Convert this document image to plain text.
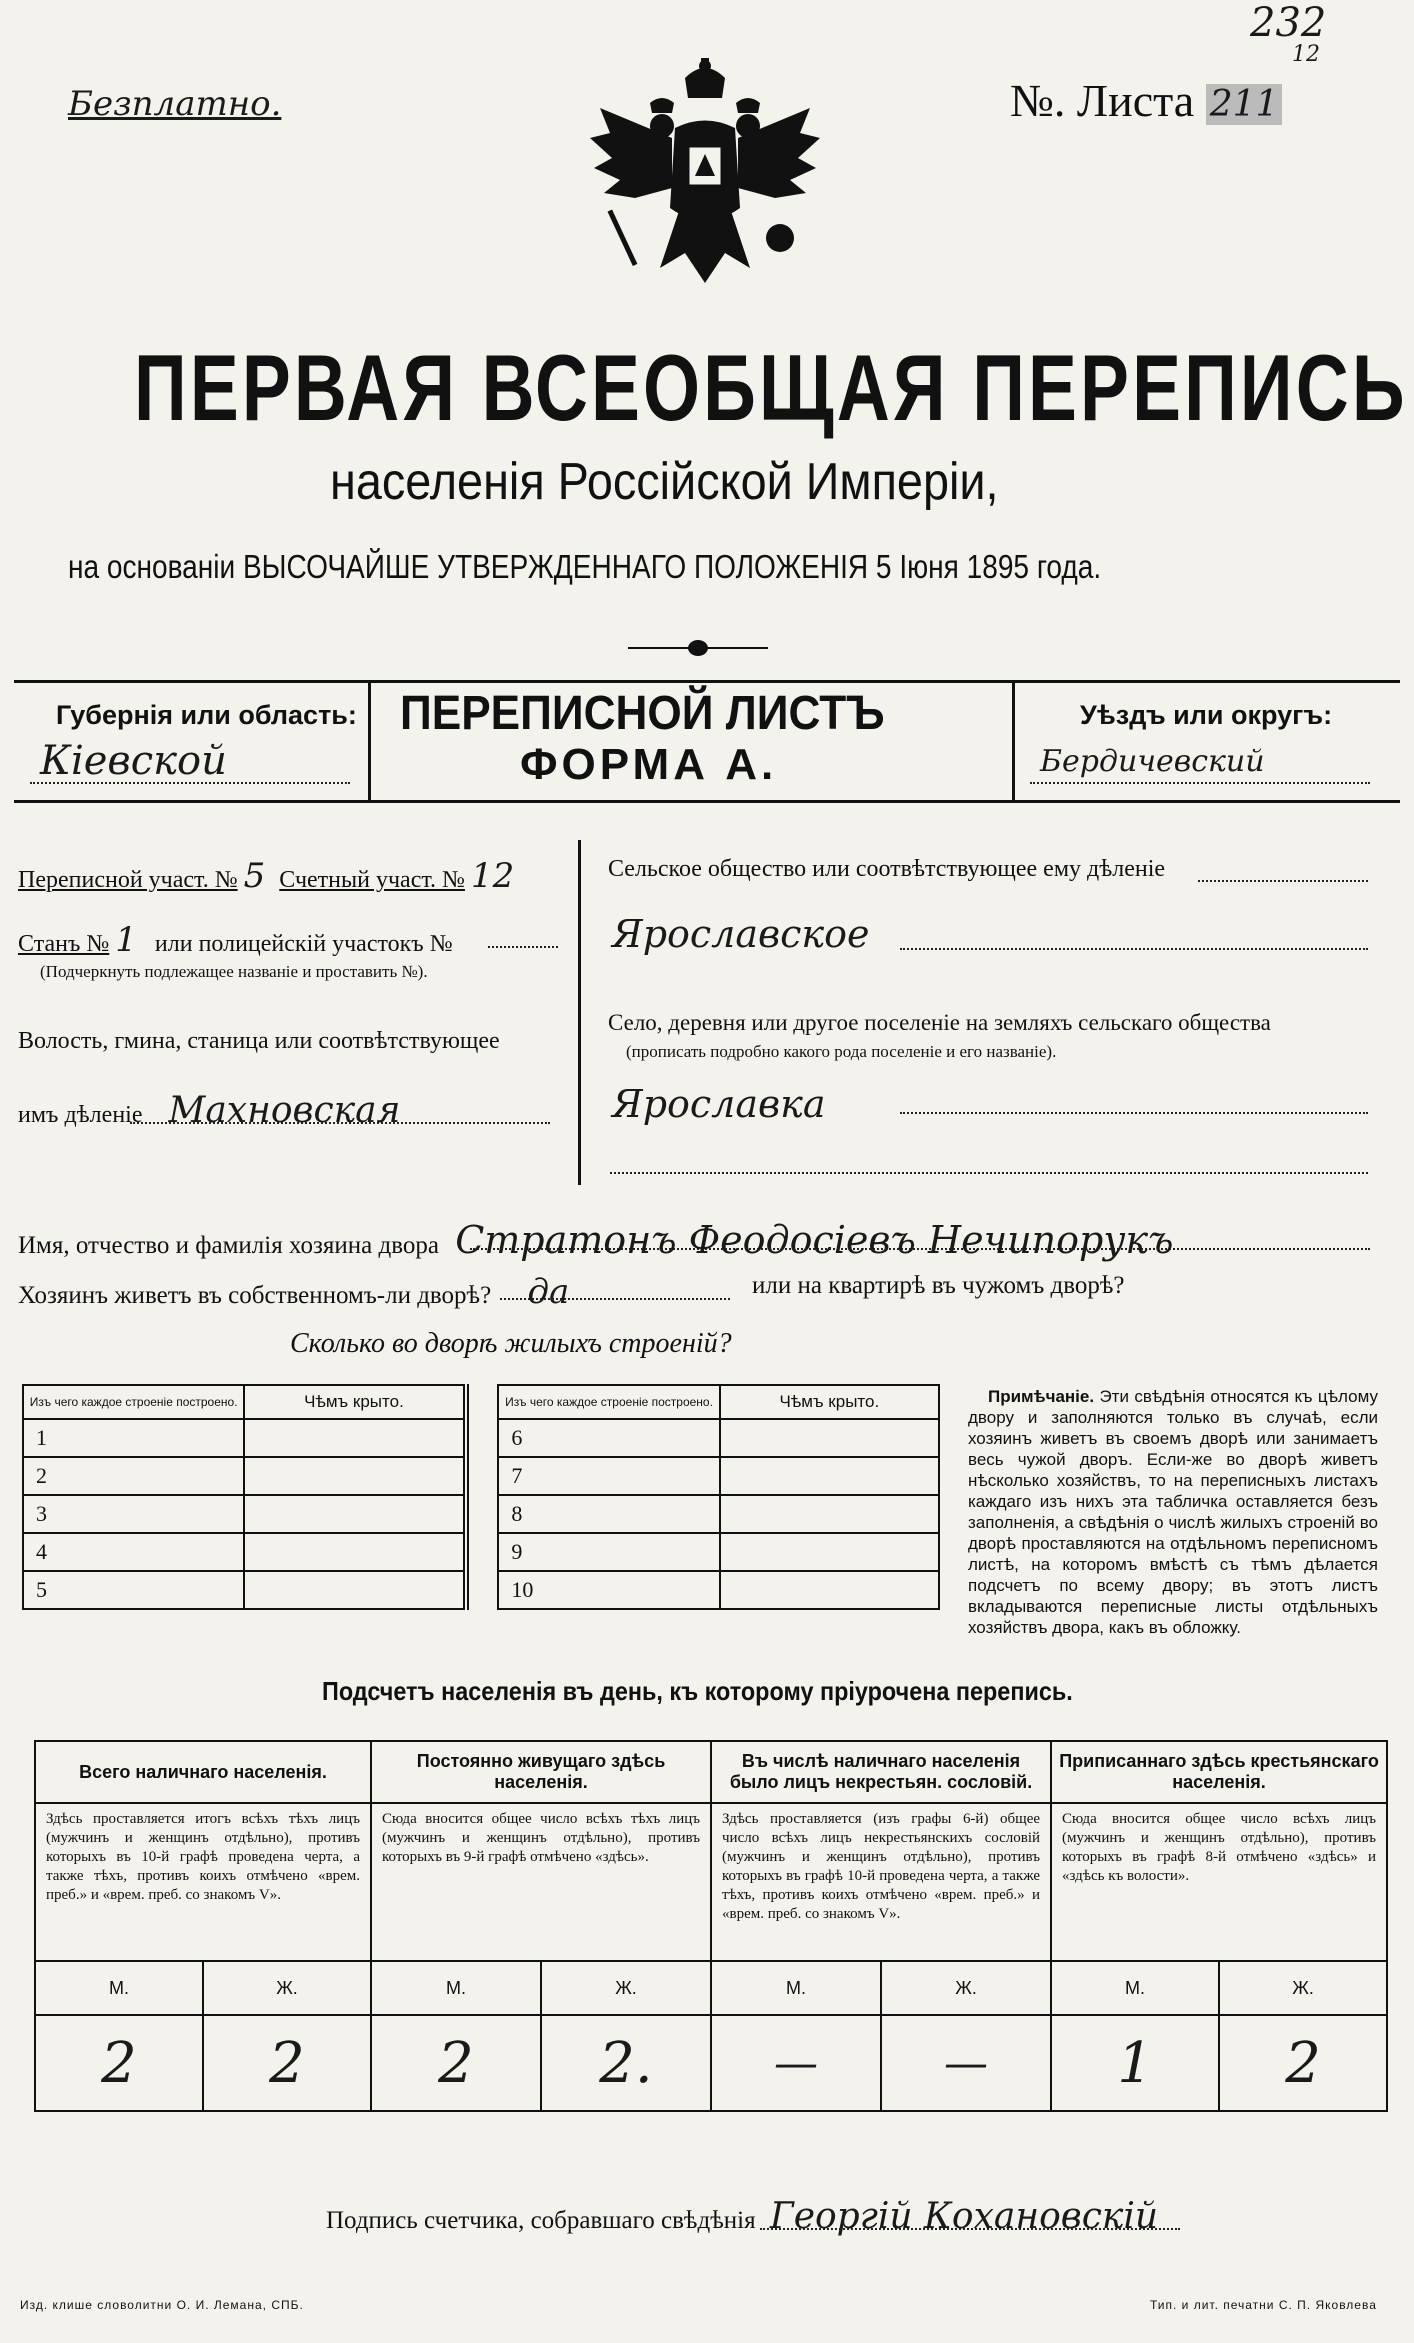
Безплатно.	№. Листа 211
232
12
ПЕРВАЯ ВСЕОБЩАЯ ПЕРЕПИСЬ
населенія Россійской Имперіи,
на основаніи ВЫСОЧАЙШЕ УТВЕРЖДЕННАГО ПОЛОЖЕНІЯ 5 Іюня 1895 года.
Губернія или область:
Кіевской
ПЕРЕПИСНОЙ ЛИСТЪ
ФОРМА А.
Уѣздъ или округъ:
Бердичевский
Переписной участ. № 5 Счетный участ. № 12
Станъ № 1 или полицейскій участокъ №
(Подчеркнуть подлежащее названіе и проставить №).
Волость, гмина, станица или соотвѣтствующее
имъ дѣленіе Махновская
Сельское общество или соотвѣтствующее ему дѣленіе
Ярославское
Село, деревня или другое поселеніе на земляхъ сельскаго общества
(прописать подробно какого рода поселеніе и его названіе).
Ярославка
Имя, отчество и фамилія хозяина двора Стратонъ Феодосіевъ Нечипорукъ
Хозяинъ живетъ въ собственномъ-ли дворѣ? да	или на квартирѣ въ чужомъ дворѣ?
Сколько во дворѣ жилыхъ строеній?
Изъ чего каждое строеніе построено.	Чѣмъ крыто.		Изъ чего каждое строеніе построено.	Чѣмъ крыто.
1			6	
2			7	
3			8	
4			9	
5			10	
Примѣчаніе. Эти свѣдѣнія относятся къ цѣлому двору и заполняются только въ случаѣ, если хозяинъ живетъ въ своемъ дворѣ или занимаетъ весь чужой дворъ. Если-же во дворѣ живетъ нѣсколько хозяйствъ, то на переписныхъ листахъ каждаго изъ нихъ эта табличка оставляется безъ заполненія, а свѣдѣнія о числѣ жилыхъ строеній во дворѣ проставляются на отдѣльномъ переписномъ листѣ, на которомъ вмѣстѣ съ тѣмъ дѣлается подсчетъ по всему двору; въ этотъ листъ вкладываются переписные листы отдѣльныхъ хозяйствъ двора, какъ въ обложку.
Подсчетъ населенія въ день, къ которому пріурочена перепись.
Всего наличнаго населенія.		Постоянно живущаго здѣсь населенія.		Въ числѣ наличнаго населенія было лицъ некрестьян. сословій.		Приписаннаго здѣсь крестьянскаго населенія.	
Здѣсь проставляется итогъ всѣхъ тѣхъ лицъ (мужчинъ и женщинъ отдѣльно), противъ которыхъ въ 10-й графѣ проведена черта, а также тѣхъ, противъ коихъ отмѣчено «врем. преб.» и «врем. преб. со знакомъ V».		Сюда вносится общее число всѣхъ тѣхъ лицъ (мужчинъ и женщинъ отдѣльно), противъ которыхъ въ 9-й графѣ отмѣчено «здѣсь».		Здѣсь проставляется (изъ графы 6-й) общее число всѣхъ лицъ некрестьянскихъ сословій (мужчинъ и женщинъ отдѣльно), противъ которыхъ въ графѣ 10-й проведена черта, а также тѣхъ, противъ коихъ отмѣчено «врем. преб.» и «врем. преб. со знакомъ V».		Сюда вносится общее число всѣхъ лицъ (мужчинъ и женщинъ отдѣльно), противъ которыхъ въ графѣ 8-й отмѣчено «здѣсь» и «здѣсь къ волости».	
М.	Ж.	М.	Ж.	М.	Ж.	М.	Ж.
2	2	2	2.	—	—	1	2
Подпись счетчика, собравшаго свѣдѣнія Георгій Кохановскій
Изд. клише словолитни О. И. Лемана, СПБ.	Тип. и лит. печатни С. П. Яковлева
